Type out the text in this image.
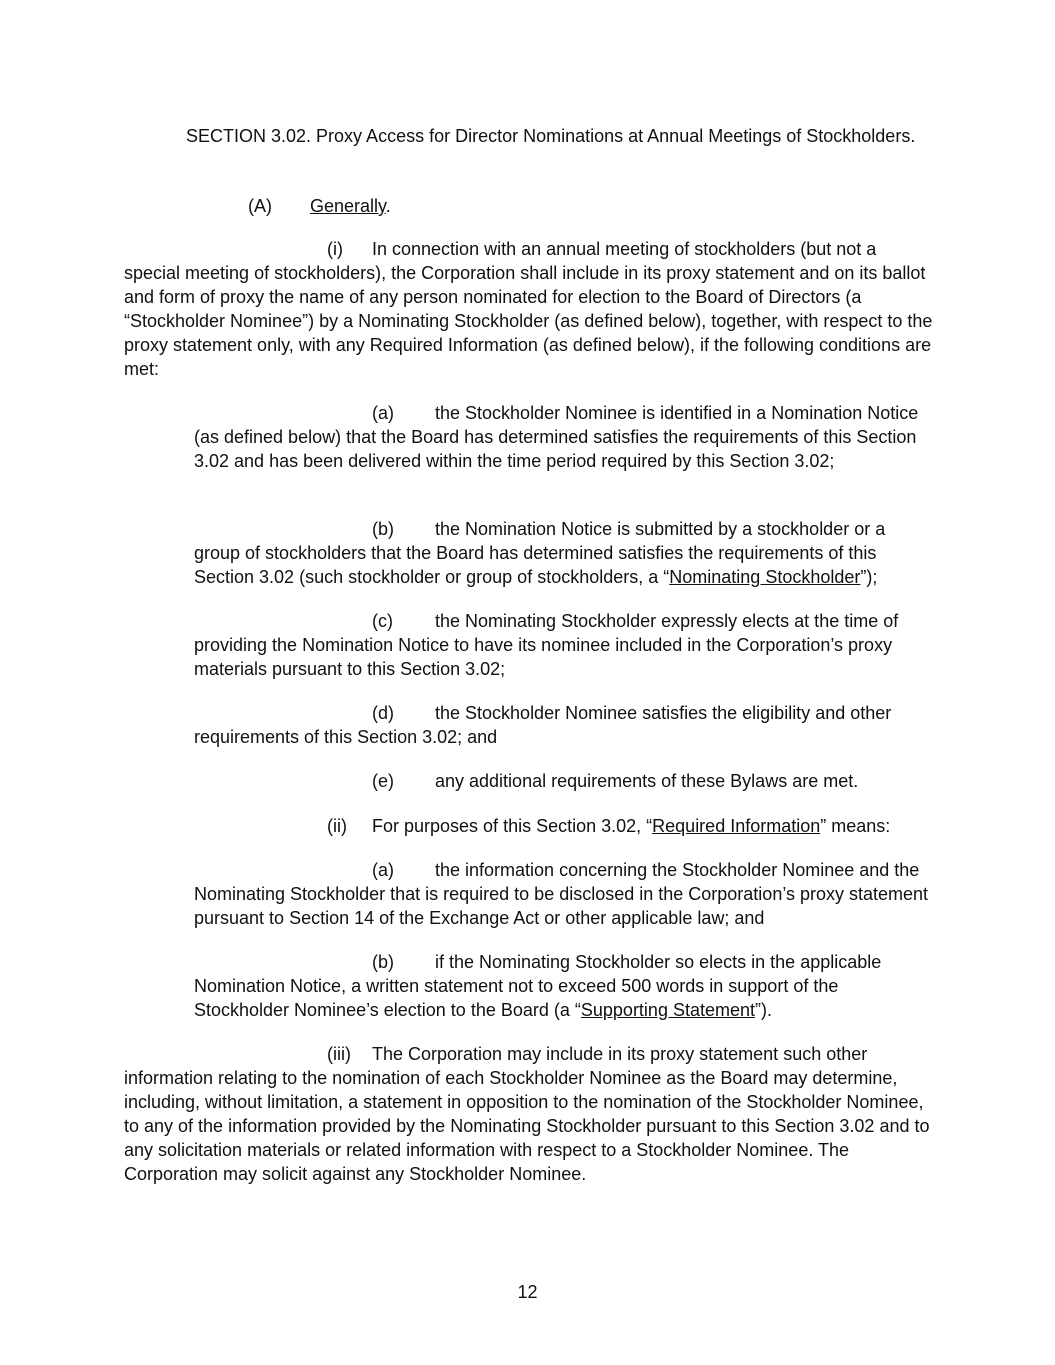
SECTION 3.02. Proxy Access for Director Nominations at Annual Meetings of Stockholders.

(A) Generally.

(i) In connection with an annual meeting of stockholders (but not a special meeting of stockholders), the Corporation shall include in its proxy statement and on its ballot and form of proxy the name of any person nominated for election to the Board of Directors (a “Stockholder Nominee”) by a Nominating Stockholder (as defined below), together, with respect to the proxy statement only, with any Required Information (as defined below), if the following conditions are met:

(a) the Stockholder Nominee is identified in a Nomination Notice (as defined below) that the Board has determined satisfies the requirements of this Section 3.02 and has been delivered within the time period required by this Section 3.02;

(b) the Nomination Notice is submitted by a stockholder or a group of stockholders that the Board has determined satisfies the requirements of this Section 3.02 (such stockholder or group of stockholders, a “Nominating Stockholder”);

(c) the Nominating Stockholder expressly elects at the time of providing the Nomination Notice to have its nominee included in the Corporation’s proxy materials pursuant to this Section 3.02;

(d) the Stockholder Nominee satisfies the eligibility and other requirements of this Section 3.02; and

(e) any additional requirements of these Bylaws are met.

(ii) For purposes of this Section 3.02, “Required Information” means:

(a) the information concerning the Stockholder Nominee and the Nominating Stockholder that is required to be disclosed in the Corporation’s proxy statement pursuant to Section 14 of the Exchange Act or other applicable law; and

(b) if the Nominating Stockholder so elects in the applicable Nomination Notice, a written statement not to exceed 500 words in support of the Stockholder Nominee’s election to the Board (a “Supporting Statement”).

(iii) The Corporation may include in its proxy statement such other information relating to the nomination of each Stockholder Nominee as the Board may determine, including, without limitation, a statement in opposition to the nomination of the Stockholder Nominee, to any of the information provided by the Nominating Stockholder pursuant to this Section 3.02 and to any solicitation materials or related information with respect to a Stockholder Nominee. The Corporation may solicit against any Stockholder Nominee.

12
